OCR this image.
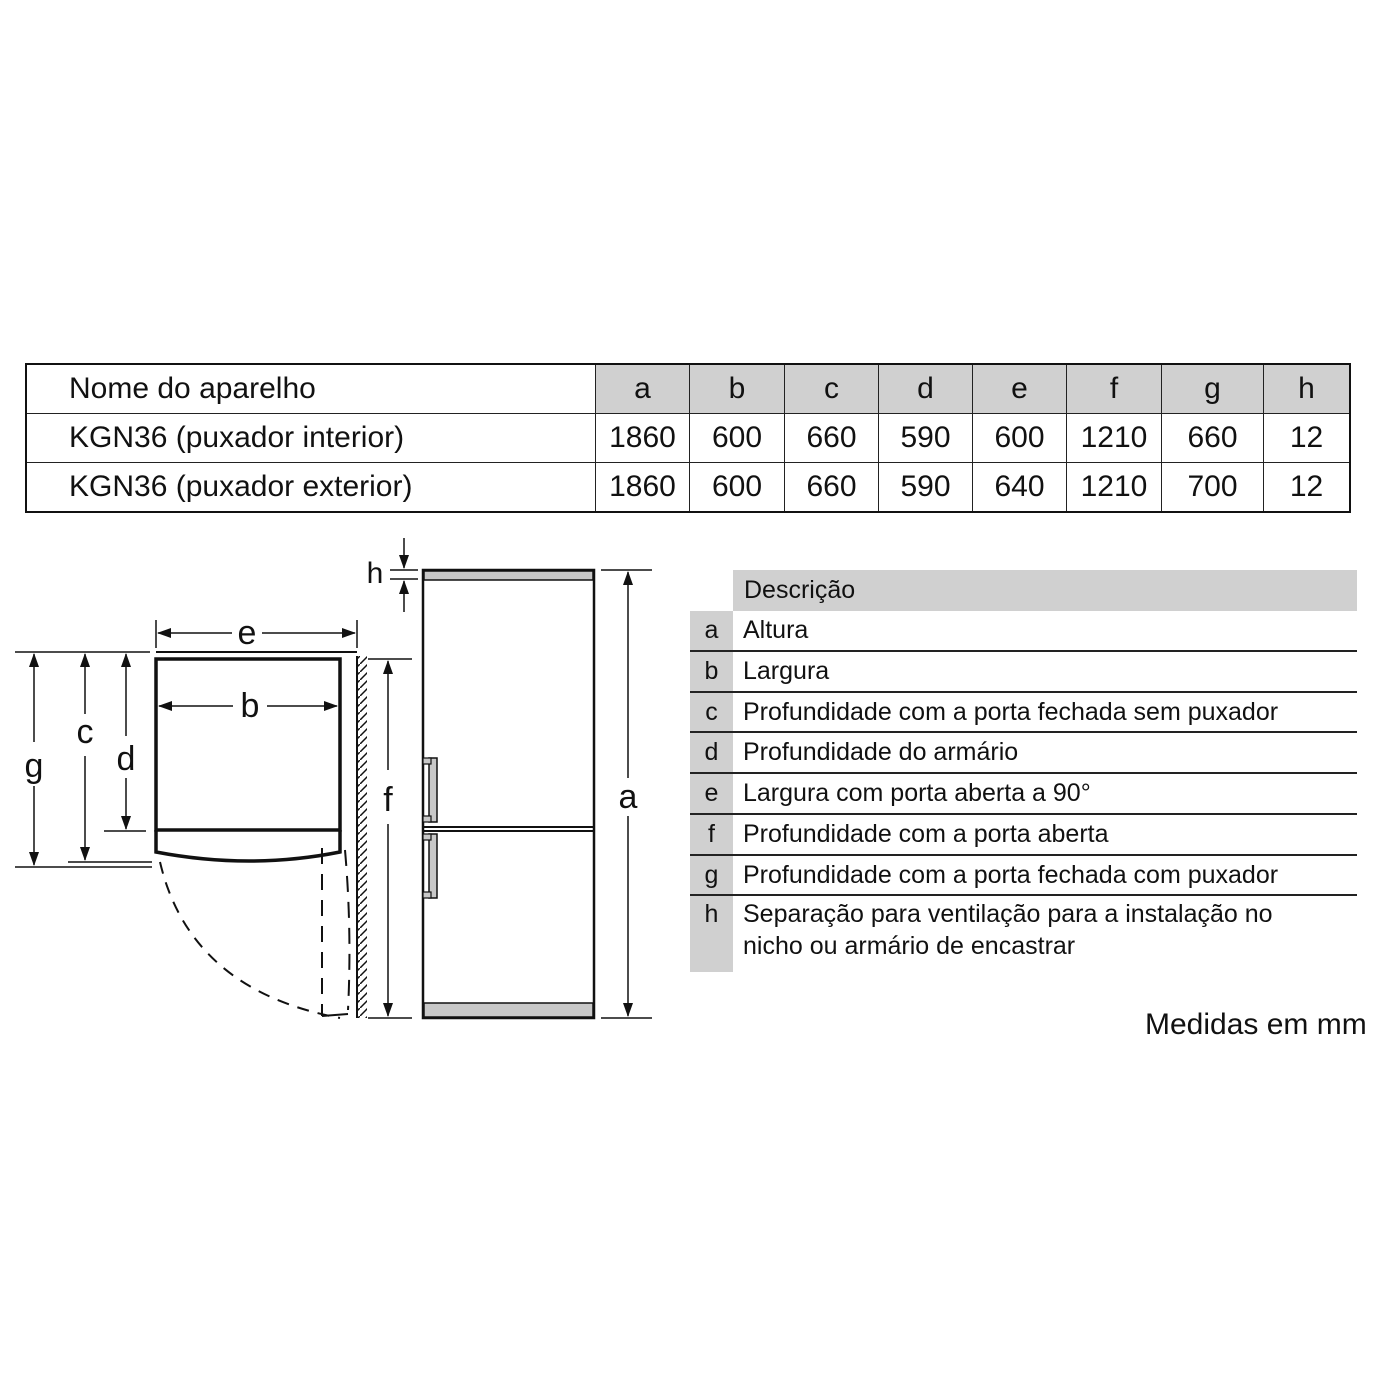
Nome do aparelho	a	b	c	d	e	f	g	h
KGN36 (puxador interior)	1860	600	660	590	600	1210	660	12
KGN36 (puxador exterior)	1860	600	660	590	640	1210	700	12
e
b
g
c
d
f
h
a
Descrição
a Altura
b Largura
c	Profundidade com a porta fechada sem puxador
d Profundidade do armário
e Largura com porta aberta a 90°
f	Profundidade com a porta aberta
g Profundidade com a porta fechada com puxador
h Separação para ventilação para a instalação no
nicho ou armário de encastrar
Medidas em mm
